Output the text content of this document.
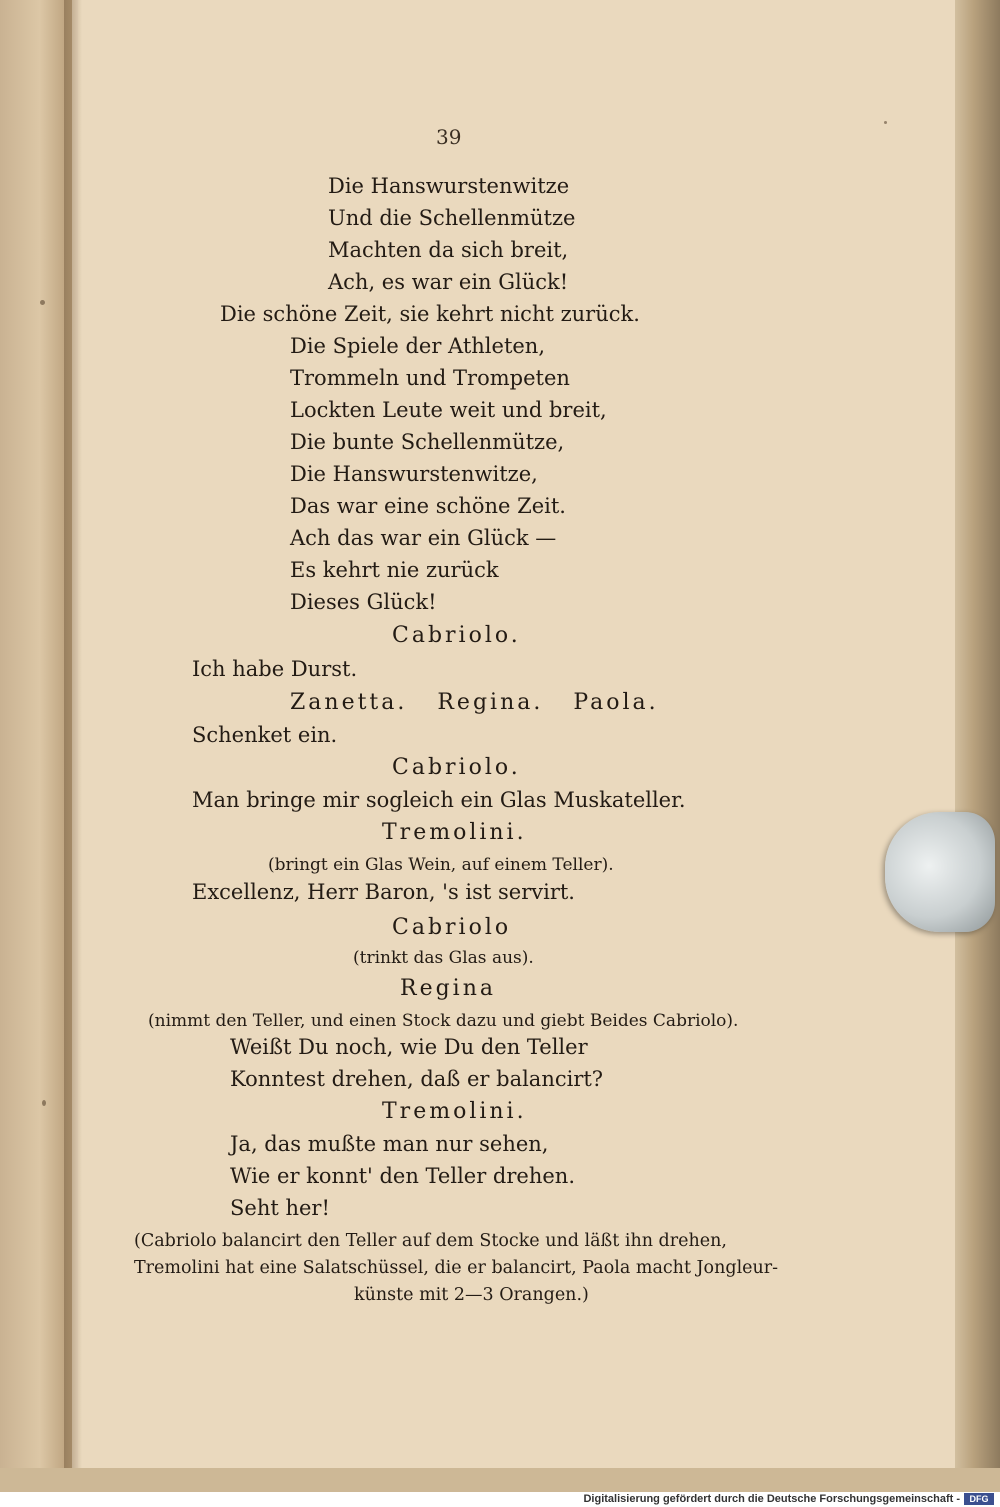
39
Die Hanswurstenwitze
Und die Schellenmütze
Machten da sich breit,
Ach, es war ein Glück!
Die schöne Zeit, sie kehrt nicht zurück.
Die Spiele der Athleten,
Trommeln und Trompeten
Lockten Leute weit und breit,
Die bunte Schellenmütze,
Die Hanswurstenwitze,
Das war eine schöne Zeit.
Ach das war ein Glück —
Es kehrt nie zurück
Dieses Glück!
Cabriolo.
Ich habe Durst.
Zanetta.   Regina.   Paola.
Schenket ein.
Cabriolo.
Man bringe mir sogleich ein Glas Muskateller.
Tremolini.
(bringt ein Glas Wein, auf einem Teller).
Excellenz, Herr Baron, 's ist servirt.
Cabriolo
(trinkt das Glas aus).
Regina
(nimmt den Teller, und einen Stock dazu und giebt Beides Cabriolo).
Weißt Du noch, wie Du den Teller
Konntest drehen, daß er balancirt?
Tremolini.
Ja, das mußte man nur sehen,
Wie er konnt' den Teller drehen.
Seht her!
(Cabriolo balancirt den Teller auf dem Stocke und läßt ihn drehen,
Tremolini hat eine Salatschüssel, die er balancirt, Paola macht Jongleur-
künste mit 2—3 Orangen.)
Digitalisierung gefördert durch die Deutsche Forschungsgemeinschaft -	DFG
